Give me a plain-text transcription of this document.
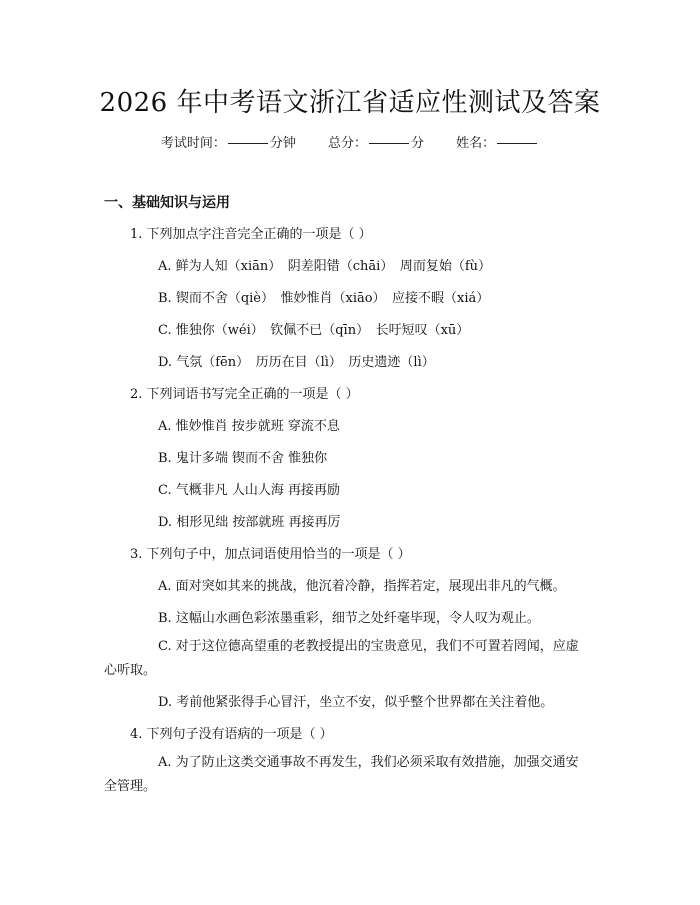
2026 年中考语文浙江省适应性测试及答案
考试时间：	分钟 总分：	分 姓名：
一、基础知识与运用
1. 下列加点字注音完全正确的一项是（ ）
A. 鲜为人知（xiān）　阴差阳错（chāi）　周而复始（fù）
B. 锲而不舍（qiè）　惟妙惟肖（xiāo）　应接不暇（xiá）
C. 惟独你（wéi）　钦佩不已（qīn）　长吁短叹（xū）
D. 气氛（fēn）　历历在目（lì）　历史遗迹（lì）
2. 下列词语书写完全正确的一项是（ ）
A. 惟妙惟肖 按步就班 穿流不息
B. 鬼计多端 锲而不舍 惟独你
C. 气概非凡 人山人海 再接再励
D. 相形见绌 按部就班 再接再厉
3. 下列句子中，加点词语使用恰当的一项是（ ）
A. 面对突如其来的挑战，他沉着冷静，指挥若定，展现出非凡的气概。
B. 这幅山水画色彩浓墨重彩，细节之处纤毫毕现，令人叹为观止。
C. 对于这位德高望重的老教授提出的宝贵意见，我们不可置若罔闻，应虚心听取。
D. 考前他紧张得手心冒汗，坐立不安，似乎整个世界都在关注着他。
4. 下列句子没有语病的一项是（ ）
A. 为了防止这类交通事故不再发生，我们必须采取有效措施，加强交通安全管理。
